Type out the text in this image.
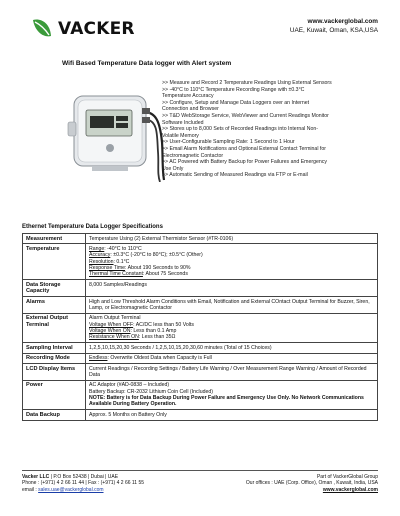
VACKER	www.vackerglobal.com
UAE, Kuwait, Oman, KSA,USA
Wifi Based Temperature Data logger with Alert system
>> Measure and Record 2 Temperature Readings Using External Sensors
>> -40°C to 110°C Temperature Recording Range with ±0.3°C
Temperature Accuracy
>> Configure, Setup and Manage Data Loggers over an Internet
Connection and Browser
>> T&D WebStorage Service, WebViewer and Current Readings Monitor
Software Included
>> Stores up to 8,000 Sets of Recorded Readings into Internal Non-
Volatile Memory
>> User-Configurable Sampling Rate: 1 Second to 1 Hour
>> Email Alarm Notifications and Optional External Contact Terminal for
Electromagnetic Contactor
>> AC Powered with Battery Backup for Power Failures and Emergency
Use Only
>> Automatic Sending of Measured Readings via FTP or E-mail
Ethernet Temperature Data Logger Specifications
Measurement	Temperature Using (2) External Thermistor Sensor (#TR-0106)
Temperature	Range: -40°C to 110°C
Accuracy: ±0.3°C (-20°C to 80°C); ±0.5°C (Other)
Resolution: 0.1°C
Response Time: About 190 Seconds to 90%
Thermal Time Constant: About 75 Seconds

Data Storage Capacity	8,000 Samples/Readings
Alarms	High and Low Threshold Alarm Conditions with Email, Notification and External COntact Output Terminal for Buzzer, Siren, Lamp, or Electromagnetic Contactor
External Output Terminal	Alarm Output Terminal
Voltage When OFF: AC/DC less than 50 Volts
Voltage When ON: Less than 0.1 Amp
Resistance When ON: Less than 35Ω

Sampling Interval	1,2,5,10,15,20,30 Seconds / 1,2,5,10,15,20,30,60 minutes (Total of 15 Choices)
Recording Mode	Endless: Overwrite Oldest Data when Capacity is Full
LCD Display Items	Current Readings / Recording Settings / Battery Life Warning / Over Measurement Range Warning / Amount of Recorded Data
Power	AC Adaptor (#AD-0838 – Included)
Battery Backup: CR-2032 Lithium Coin Cell (Included)
NOTE: Battery is for Data Backup During Power Failure and Emergency Use Only. No Network Communications Available During Battery Operation.

Data Backup	Approx. 5 Months on Battery Only
Vacker LLC | P.O Box 52438 | Dubai | UAE
Phone : (+971) 4 2 66 11 44 | Fax : (+971) 4 2 66 11 55
email : sales.uae@vackerglobal.com
Part of VackerGlobal Group
Our offices : UAE (Corp. Office), Oman , Kuwait, India, USA
www.vackerglobal.com
